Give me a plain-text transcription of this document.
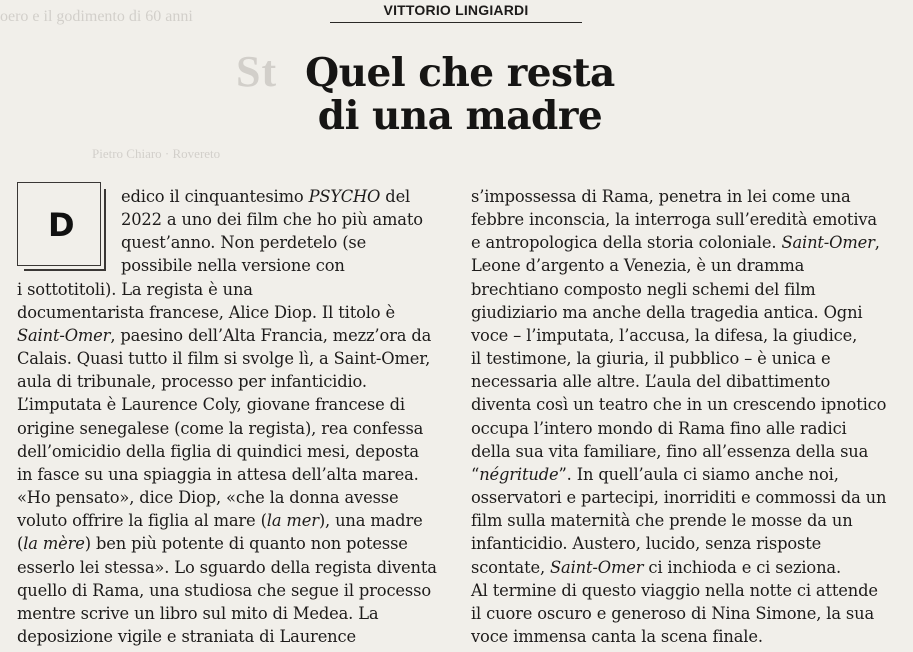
oero e il godimento di 60 anni
St
Pietro Chiaro · Rovereto
VITTORIO LINGIARDI
Quel che resta
di una madre
D

edico il cinquantesimo PSYCHO del
2022 a uno dei film che ho più amato
quest’anno. Non perdetelo (se
possibile nella versione con
i sottotitoli). La regista è una
documentarista francese, Alice Diop. Il titolo è
Saint-Omer, paesino dell’Alta Francia, mezz’ora da
Calais. Quasi tutto il film si svolge lì, a Saint-Omer,
aula di tribunale, processo per infanticidio.
L’imputata è Laurence Coly, giovane francese di
origine senegalese (come la regista), rea confessa
dell’omicidio della figlia di quindici mesi, deposta
in fasce su una spiaggia in attesa dell’alta marea.
«Ho pensato», dice Diop, «che la donna avesse
voluto offrire la figlia al mare (la mer), una madre
(la mère) ben più potente di quanto non potesse
esserlo lei stessa». Lo sguardo della regista diventa
quello di Rama, una studiosa che segue il processo
mentre scrive un libro sul mito di Medea. La
deposizione vigile e straniata di Laurence

s’impossessa di Rama, penetra in lei come una
febbre inconscia, la interroga sull’eredità emotiva
e antropologica della storia coloniale. Saint-Omer,
Leone d’argento a Venezia, è un dramma
brechtiano composto negli schemi del film
giudiziario ma anche della tragedia antica. Ogni
voce – l’imputata, l’accusa, la difesa, la giudice,
il testimone, la giuria, il pubblico – è unica e
necessaria alle altre. L’aula del dibattimento
diventa così un teatro che in un crescendo ipnotico
occupa l’intero mondo di Rama fino alle radici
della sua vita familiare, fino all’essenza della sua
“négritude”. In quell’aula ci siamo anche noi,
osservatori e partecipi, inorriditi e commossi da un
film sulla maternità che prende le mosse da un
infanticidio. Austero, lucido, senza risposte
scontate, Saint-Omer ci inchioda e ci seziona.
Al termine di questo viaggio nella notte ci attende
il cuore oscuro e generoso di Nina Simone, la sua
voce immensa canta la scena finale.
